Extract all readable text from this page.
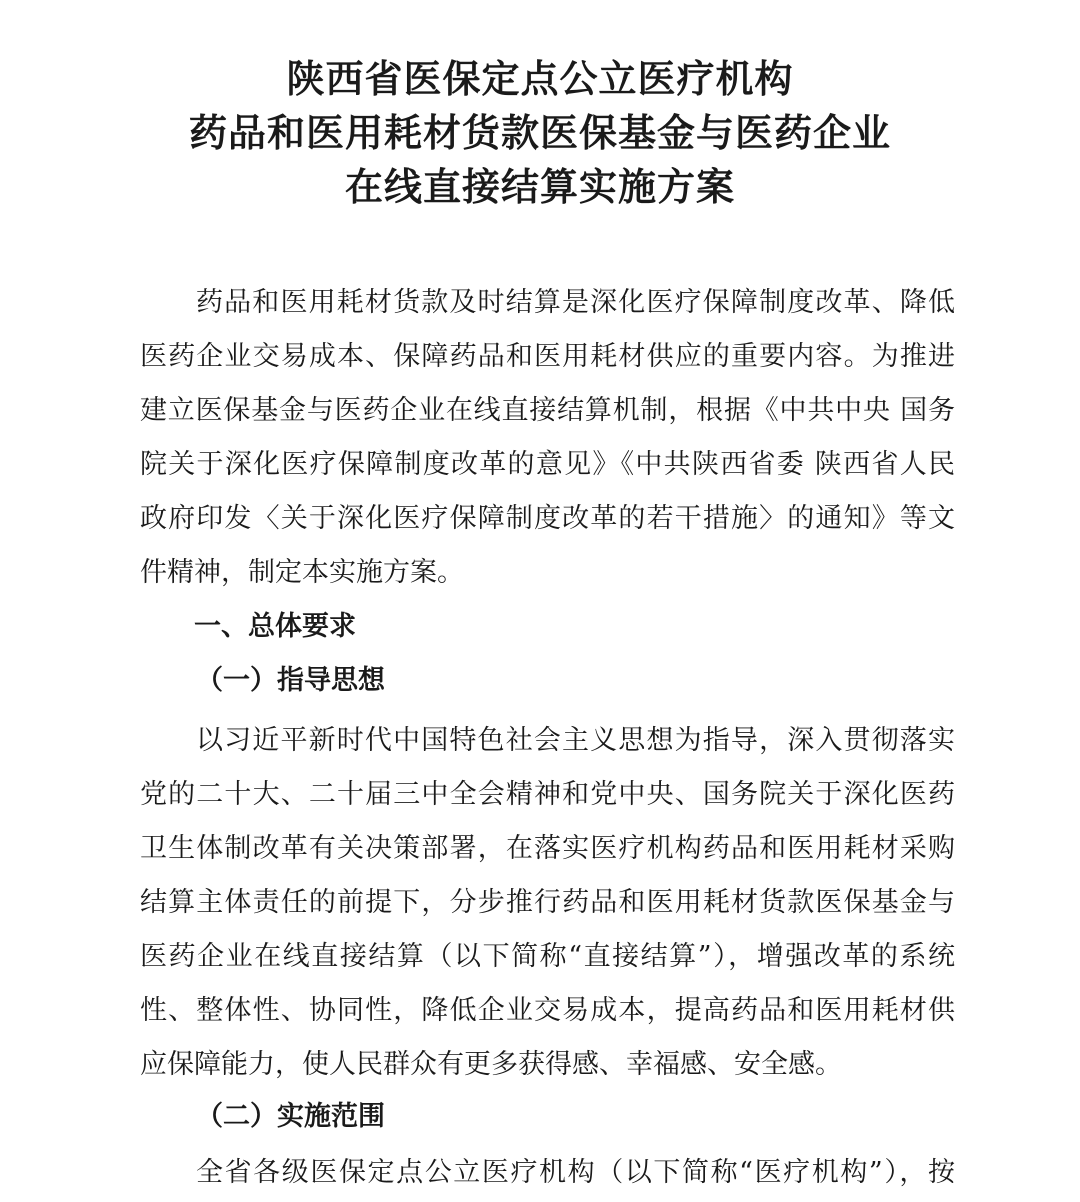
陕西省医保定点公立医疗机构
药品和医用耗材货款医保基金与医药企业
在线直接结算实施方案
药品和医用耗材货款及时结算是深化医疗保障制度改革、降低
医药企业交易成本、保障药品和医用耗材供应的重要内容。为推进
建立医保基金与医药企业在线直接结算机制，根据《中共中央 国务
院关于深化医疗保障制度改革的意见》《中共陕西省委 陕西省人民
政府印发〈关于深化医疗保障制度改革的若干措施〉的通知》等文
件精神，制定本实施方案。
一、总体要求
（一）指导思想
以习近平新时代中国特色社会主义思想为指导，深入贯彻落实
党的二十大、二十届三中全会精神和党中央、国务院关于深化医药
卫生体制改革有关决策部署，在落实医疗机构药品和医用耗材采购
结算主体责任的前提下，分步推行药品和医用耗材货款医保基金与
医药企业在线直接结算（以下简称“直接结算”），增强改革的系统
性、整体性、协同性，降低企业交易成本，提高药品和医用耗材供
应保障能力，使人民群众有更多获得感、幸福感、安全感。
（二）实施范围
全省各级医保定点公立医疗机构（以下简称“医疗机构”），按
